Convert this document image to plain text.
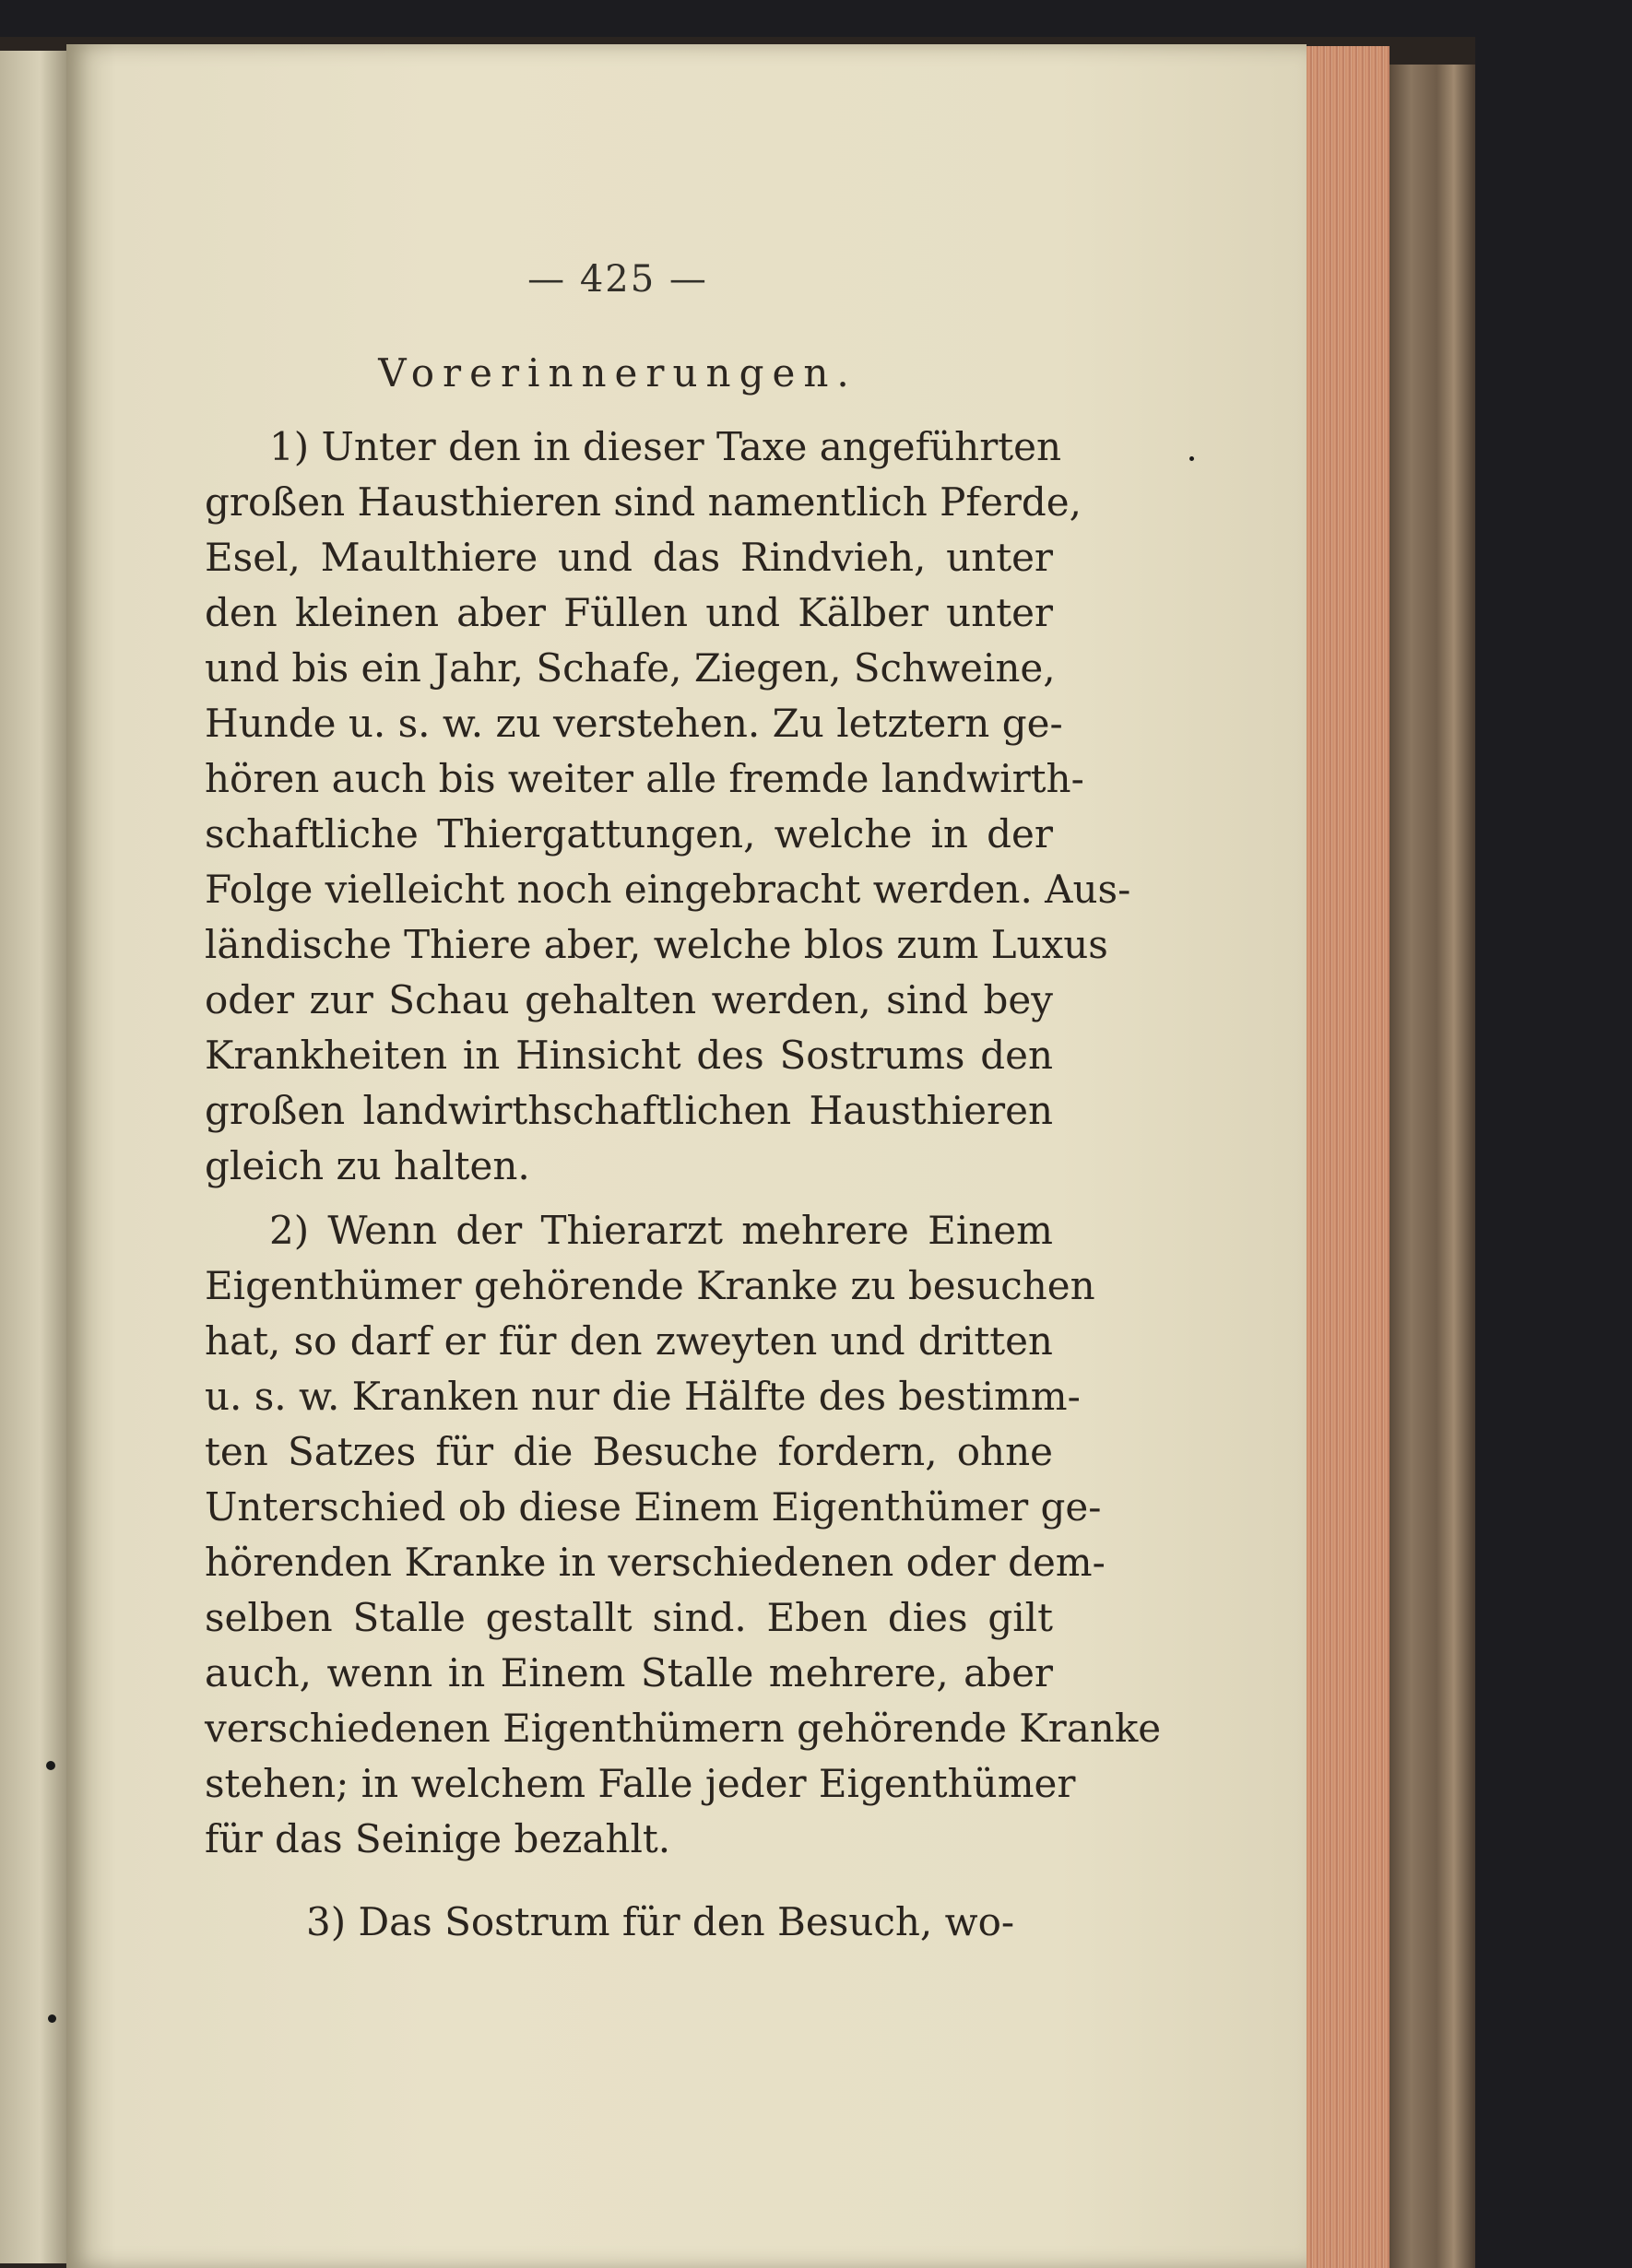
— 425 —
Vorerinnerungen.
1) Unter den in dieser Taxe angeführten
großen Hausthieren sind namentlich Pferde,
Esel, Maulthiere und das Rindvieh, unter
den kleinen aber Füllen und Kälber unter
und bis ein Jahr, Schafe, Ziegen, Schweine,
Hunde u. s. w. zu verstehen. Zu letztern ge-
hören auch bis weiter alle fremde landwirth-
schaftliche Thiergattungen, welche in der
Folge vielleicht noch eingebracht werden. Aus-
ländische Thiere aber, welche blos zum Luxus
oder zur Schau gehalten werden, sind bey
Krankheiten in Hinsicht des Sostrums den
großen landwirthschaftlichen Hausthieren
gleich zu halten.
2) Wenn der Thierarzt mehrere Einem
Eigenthümer gehörende Kranke zu besuchen
hat, so darf er für den zweyten und dritten
u. s. w. Kranken nur die Hälfte des bestimm-
ten Satzes für die Besuche fordern, ohne
Unterschied ob diese Einem Eigenthümer ge-
hörenden Kranke in verschiedenen oder dem-
selben Stalle gestallt sind. Eben dies gilt
auch, wenn in Einem Stalle mehrere, aber
verschiedenen Eigenthümern gehörende Kranke
stehen; in welchem Falle jeder Eigenthümer
für das Seinige bezahlt.
3) Das Sostrum für den Besuch, wo-
